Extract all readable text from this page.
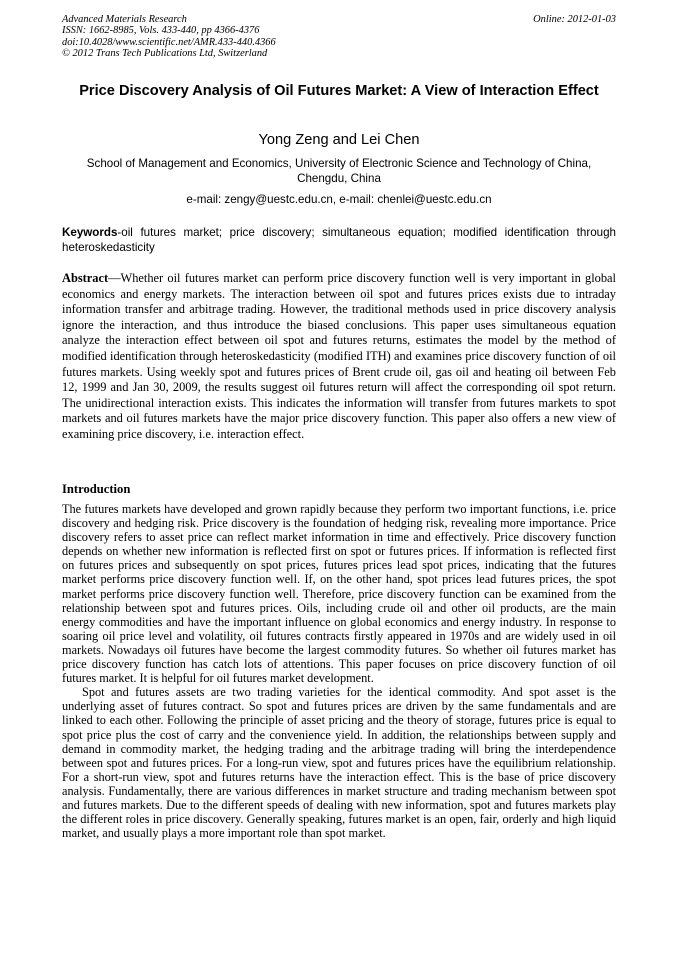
Advanced Materials Research
ISSN: 1662-8985, Vols. 433-440, pp 4366-4376
doi:10.4028/www.scientific.net/AMR.433-440.4366
© 2012 Trans Tech Publications Ltd, Switzerland
Online: 2012-01-03
Price Discovery Analysis of Oil Futures Market: A View of Interaction Effect
Yong Zeng and Lei Chen
School of Management and Economics, University of Electronic Science and Technology of China, Chengdu, China
e-mail: zengy@uestc.edu.cn, e-mail: chenlei@uestc.edu.cn
Keywords-oil futures market; price discovery; simultaneous equation; modified identification through heteroskedasticity
Abstract—Whether oil futures market can perform price discovery function well is very important in global economics and energy markets. The interaction between oil spot and futures prices exists due to intraday information transfer and arbitrage trading. However, the traditional methods used in price discovery analysis ignore the interaction, and thus introduce the biased conclusions. This paper uses simultaneous equation analyze the interaction effect between oil spot and futures returns, estimates the model by the method of modified identification through heteroskedasticity (modified ITH) and examines price discovery function of oil futures markets. Using weekly spot and futures prices of Brent crude oil, gas oil and heating oil between Feb 12, 1999 and Jan 30, 2009, the results suggest oil futures return will affect the corresponding oil spot return. The unidirectional interaction exists. This indicates the information will transfer from futures markets to spot markets and oil futures markets have the major price discovery function. This paper also offers a new view of examining price discovery, i.e. interaction effect.
Introduction

The futures markets have developed and grown rapidly because they perform two important functions, i.e. price discovery and hedging risk. Price discovery is the foundation of hedging risk, revealing more importance. Price discovery refers to asset price can reflect market information in time and effectively. Price discovery function depends on whether new information is reflected first on spot or futures prices. If information is reflected first on futures prices and subsequently on spot prices, futures prices lead spot prices, indicating that the futures market performs price discovery function well. If, on the other hand, spot prices lead futures prices, the spot market performs price discovery function well. Therefore, price discovery function can be examined from the relationship between spot and futures prices. Oils, including crude oil and other oil products, are the main energy commodities and have the important influence on global economics and energy industry. In response to soaring oil price level and volatility, oil futures contracts firstly appeared in 1970s and are widely used in oil markets. Nowadays oil futures have become the largest commodity futures. So whether oil futures market has price discovery function has catch lots of attentions. This paper focuses on price discovery function of oil futures market. It is helpful for oil futures market development.

Spot and futures assets are two trading varieties for the identical commodity. And spot asset is the underlying asset of futures contract. So spot and futures prices are driven by the same fundamentals and are linked to each other. Following the principle of asset pricing and the theory of storage, futures price is equal to spot price plus the cost of carry and the convenience yield. In addition, the relationships between supply and demand in commodity market, the hedging trading and the arbitrage trading will bring the interdependence between spot and futures prices. For a long-run view, spot and futures prices have the equilibrium relationship. For a short-run view, spot and futures returns have the interaction effect. This is the base of price discovery analysis. Fundamentally, there are various differences in market structure and trading mechanism between spot and futures markets. Due to the different speeds of dealing with new information, spot and futures markets play the different roles in price discovery. Generally speaking, futures market is an open, fair, orderly and high liquid market, and usually plays a more important role than spot market.
